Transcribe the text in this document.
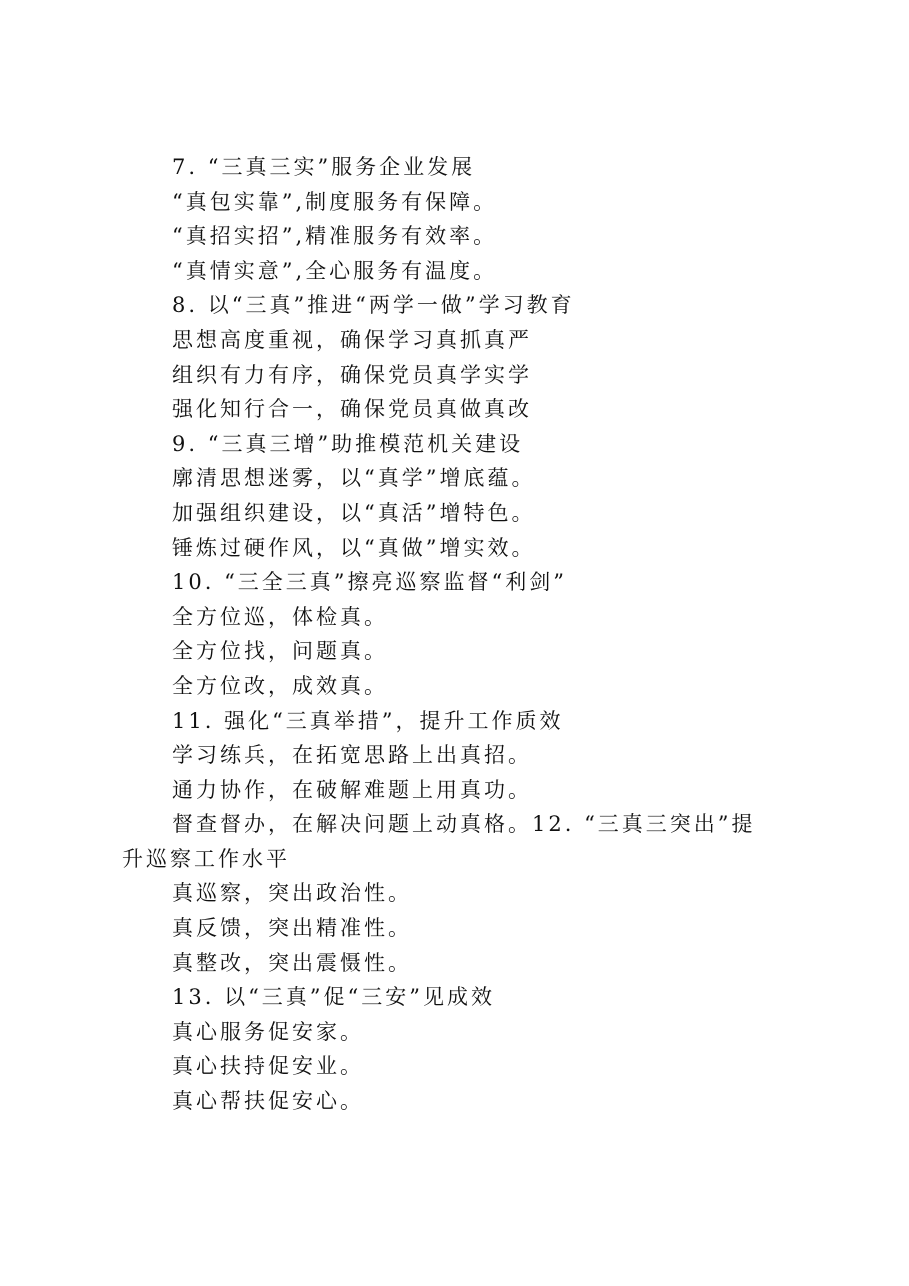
7. “三真三实”服务企业发展
“真包实靠”,制度服务有保障。
“真招实招”,精准服务有效率。
“真情实意”,全心服务有温度。
8. 以“三真”推进“两学一做”学习教育
思想高度重视，确保学习真抓真严
组织有力有序，确保党员真学实学
强化知行合一，确保党员真做真改
9. “三真三增”助推模范机关建设
廓清思想迷雾，以“真学”增底蕴。
加强组织建设，以“真活”增特色。
锤炼过硬作风，以“真做”增实效。
10. “三全三真”擦亮巡察监督“利剑”
全方位巡，体检真。
全方位找，问题真。
全方位改，成效真。
11. 强化“三真举措”，提升工作质效
学习练兵，在拓宽思路上出真招。
通力协作，在破解难题上用真功。
督查督办，在解决问题上动真格。12. “三真三突出”提
升巡察工作水平
真巡察，突出政治性。
真反馈，突出精准性。
真整改，突出震慑性。
13. 以“三真”促“三安”见成效
真心服务促安家。
真心扶持促安业。
真心帮扶促安心。
